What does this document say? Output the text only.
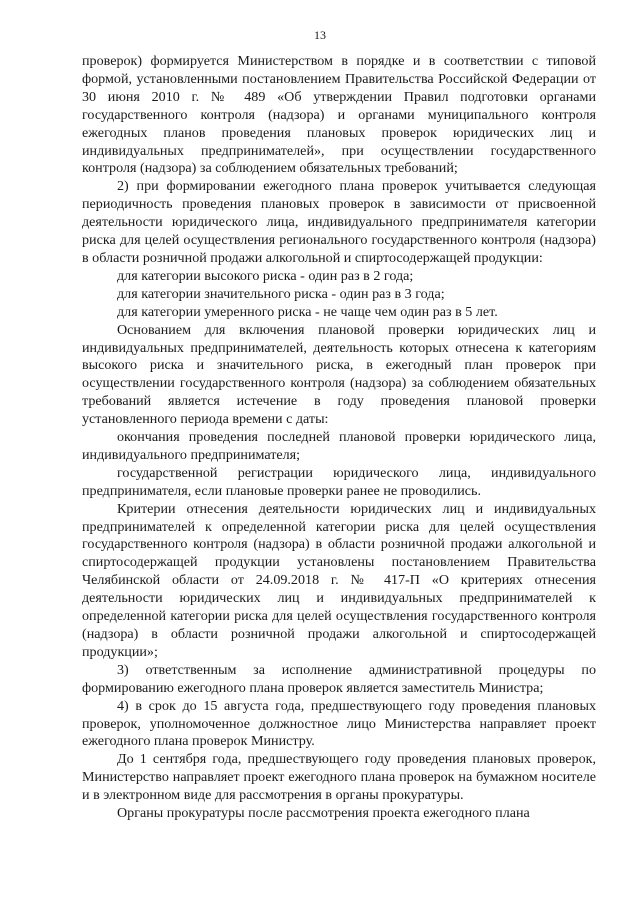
13

проверок) формируется Министерством в порядке и в соответствии с типовой формой, установленными постановлением Правительства Российской Федерации от 30 июня 2010 г. № 489 «Об утверждении Правил подготовки органами государственного контроля (надзора) и органами муниципального контроля ежегодных планов проведения плановых проверок юридических лиц и индивидуальных предпринимателей», при осуществлении государственного контроля (надзора) за соблюдением обязательных требований;

2) при формировании ежегодного плана проверок учитывается следующая периодичность проведения плановых проверок в зависимости от присвоенной деятельности юридического лица, индивидуального предпринимателя категории риска для целей осуществления регионального государственного контроля (надзора) в области розничной продажи алкогольной и спиртосодержащей продукции:

для категории высокого риска - один раз в 2 года;

для категории значительного риска - один раз в 3 года;

для категории умеренного риска - не чаще чем один раз в 5 лет.

Основанием для включения плановой проверки юридических лиц и индивидуальных предпринимателей, деятельность которых отнесена к категориям высокого риска и значительного риска, в ежегодный план проверок при осуществлении государственного контроля (надзора) за соблюдением обязательных требований является истечение в году проведения плановой проверки установленного периода времени с даты:

окончания проведения последней плановой проверки юридического лица, индивидуального предпринимателя;

государственной регистрации юридического лица, индивидуального предпринимателя, если плановые проверки ранее не проводились.

Критерии отнесения деятельности юридических лиц и индивидуальных предпринимателей к определенной категории риска для целей осуществления государственного контроля (надзора) в области розничной продажи алкогольной и спиртосодержащей продукции установлены постановлением Правительства Челябинской области от 24.09.2018 г. № 417-П «О критериях отнесения деятельности юридических лиц и индивидуальных предпринимателей к определенной категории риска для целей осуществления государственного контроля (надзора) в области розничной продажи алкогольной и спиртосодержащей продукции»;

3) ответственным за исполнение административной процедуры по формированию ежегодного плана проверок является заместитель Министра;

4) в срок до 15 августа года, предшествующего году проведения плановых проверок, уполномоченное должностное лицо Министерства направляет проект ежегодного плана проверок Министру.

До 1 сентября года, предшествующего году проведения плановых проверок, Министерство направляет проект ежегодного плана проверок на бумажном носителе и в электронном виде для рассмотрения в органы прокуратуры.

Органы прокуратуры после рассмотрения проекта ежегодного плана
